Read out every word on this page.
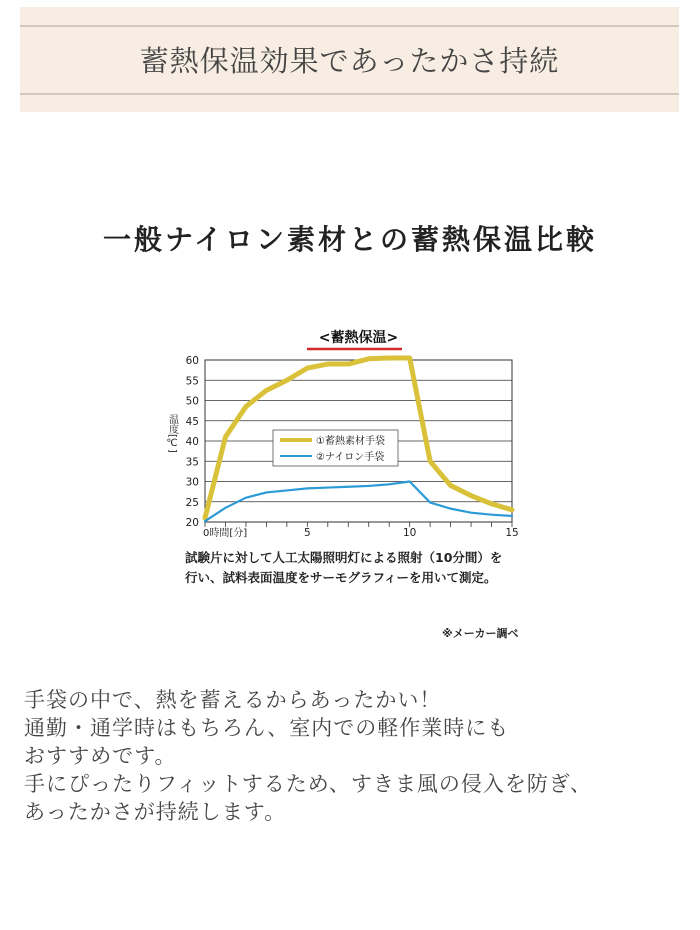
蓄熱保温効果であったかさ持続
一般ナイロン素材との蓄熱保温比較
<蓄熱保温>
20
25
30
35
40
45
50
55
60
0時間[分]	5	10	15
温度[℃]	①蓄熱素材手袋
②ナイロン手袋
試験片に対して人工太陽照明灯による照射（10分間）を
行い、試料表面温度をサーモグラフィーを用いて測定。
※メーカー調べ
手袋の中で、熱を蓄えるからあったかい！
通勤・通学時はもちろん、室内での軽作業時にも
おすすめです。
手にぴったりフィットするため、すきま風の侵入を防ぎ、
あったかさが持続します。
